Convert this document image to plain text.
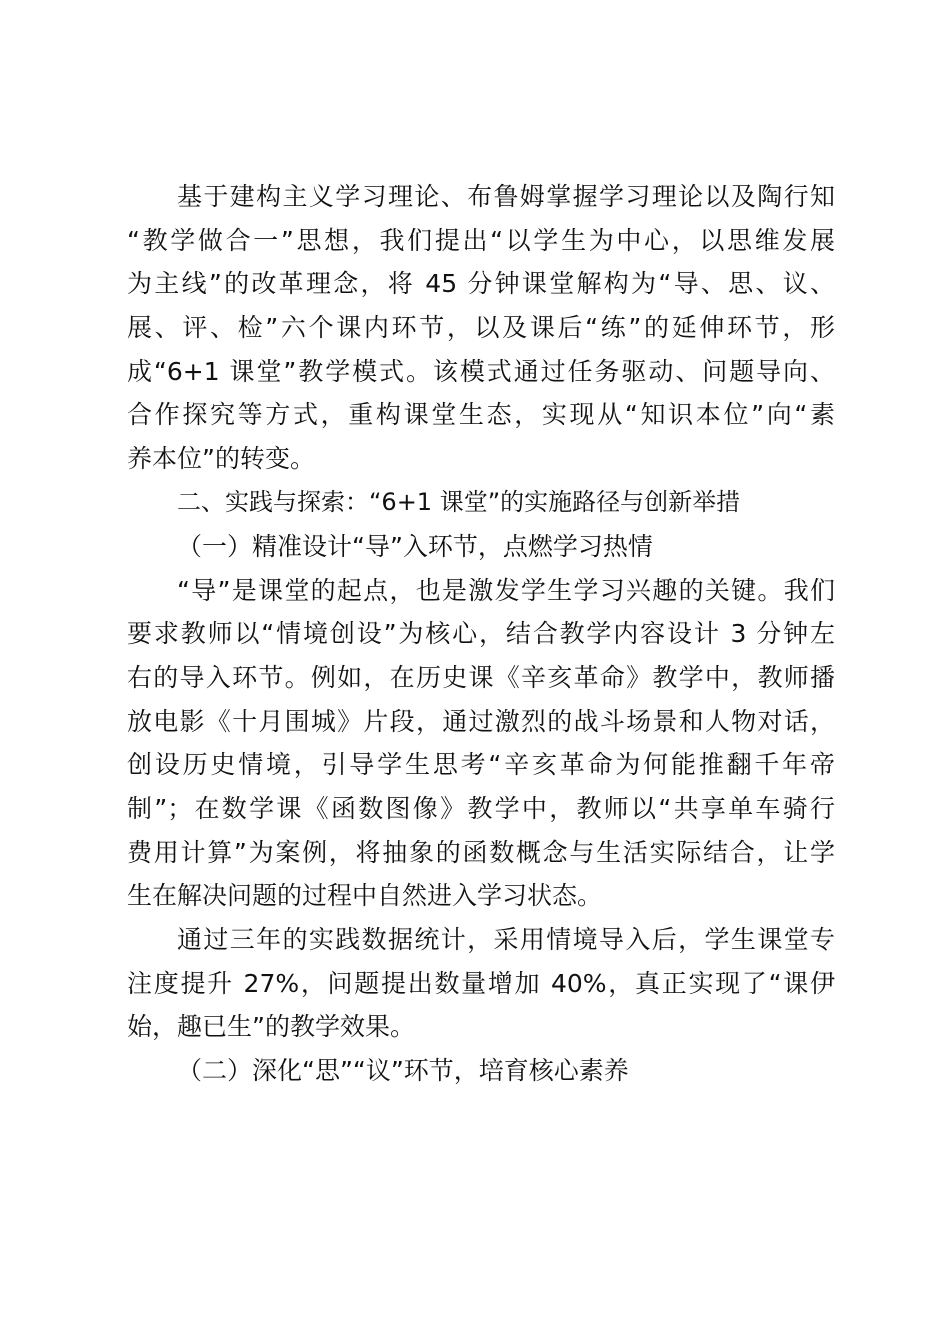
基于建构主义学习理论、布鲁姆掌握学习理论以及陶行知
“教学做合一”思想，我们提出“以学生为中心，以思维发展
为主线”的改革理念，将 45 分钟课堂解构为“导、思、议、
展、评、检”六个课内环节，以及课后“练”的延伸环节，形
成“6+1 课堂”教学模式。该模式通过任务驱动、问题导向、
合作探究等方式，重构课堂生态，实现从“知识本位”向“素
养本位”的转变。
二、实践与探索：“6+1 课堂”的实施路径与创新举措
（一）精准设计“导”入环节，点燃学习热情
“导”是课堂的起点，也是激发学生学习兴趣的关键。我们
要求教师以“情境创设”为核心，结合教学内容设计 3 分钟左
右的导入环节。例如，在历史课《辛亥革命》教学中，教师播
放电影《十月围城》片段，通过激烈的战斗场景和人物对话，
创设历史情境，引导学生思考“辛亥革命为何能推翻千年帝
制”；在数学课《函数图像》教学中，教师以“共享单车骑行
费用计算”为案例，将抽象的函数概念与生活实际结合，让学
生在解决问题的过程中自然进入学习状态。
通过三年的实践数据统计，采用情境导入后，学生课堂专
注度提升 27%，问题提出数量增加 40%，真正实现了“课伊
始，趣已生”的教学效果。
（二）深化“思”“议”环节，培育核心素养
